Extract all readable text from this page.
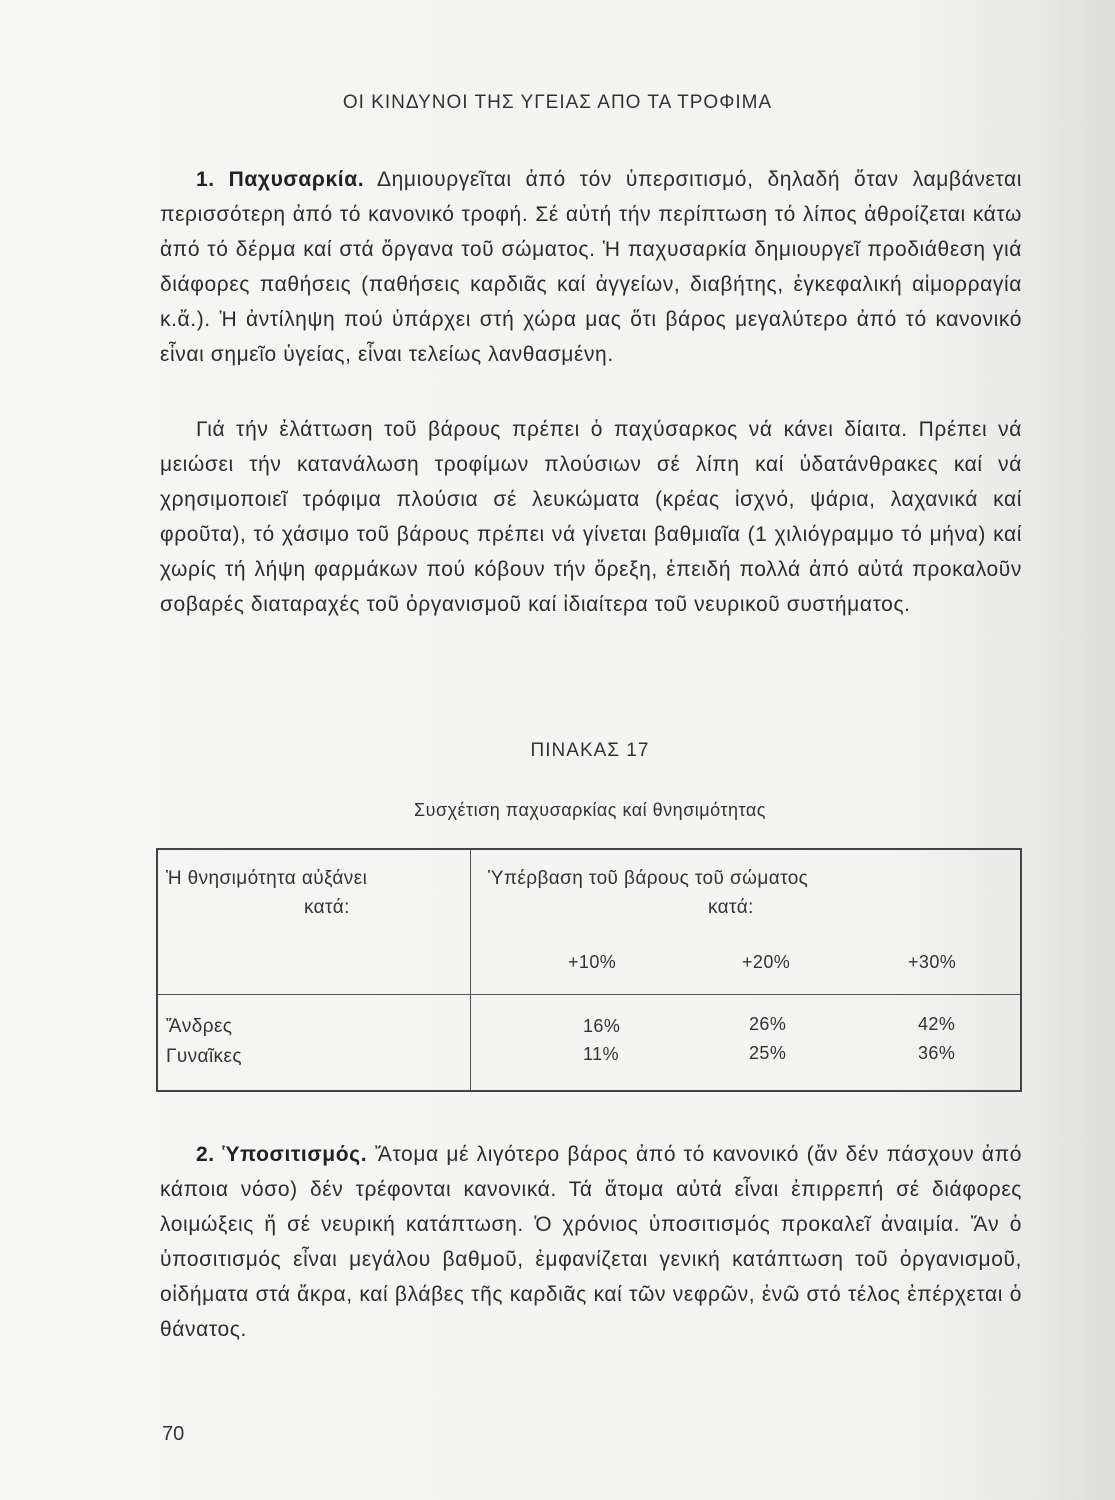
ΟΙ ΚΙΝΔΥΝΟΙ ΤΗΣ ΥΓΕΙΑΣ ΑΠΟ ΤΑ ΤΡΟΦΙΜΑ
1. Παχυσαρκία. Δημιουργεῖται ἀπό τόν ὑπερσιτισμό, δηλαδή ὅταν λαμβάνεται περισσότερη ἀπό τό κανονικό τροφή. Σέ αὐτή τήν περίπτωση τό λίπος ἀθροίζεται κάτω ἀπό τό δέρμα καί στά ὄργανα τοῦ σώματος. Ἡ παχυσαρκία δημιουργεῖ προδιάθεση γιά διάφορες παθήσεις (παθήσεις καρδιᾶς καί ἀγγείων, διαβήτης, ἐγκεφαλική αἱμορραγία κ.ἄ.). Ἡ ἀντίληψη πού ὑπάρχει στή χώρα μας ὅτι βάρος μεγαλύτερο ἀπό τό κανονικό εἶναι σημεῖο ὑγείας, εἶναι τελείως λανθασμένη.
Γιά τήν ἐλάττωση τοῦ βάρους πρέπει ὁ παχύσαρκος νά κάνει δίαιτα. Πρέπει νά μειώσει τήν κατανάλωση τροφίμων πλούσιων σέ λίπη καί ὑδατάνθρακες καί νά χρησιμοποιεῖ τρόφιμα πλούσια σέ λευκώματα (κρέας ἰσχνό, ψάρια, λαχανικά καί φροῦτα), τό χάσιμο τοῦ βάρους πρέπει νά γίνεται βαθμιαῖα (1 χιλιόγραμμο τό μήνα) καί χωρίς τή λήψη φαρμάκων πού κόβουν τήν ὄρεξη, ἐπειδή πολλά ἀπό αὐτά προκαλοῦν σοβαρές διαταραχές τοῦ ὀργανισμοῦ καί ἰδιαίτερα τοῦ νευρικοῦ συστήματος.
ΠΙΝΑΚΑΣ 17
Συσχέτιση παχυσαρκίας καί θνησιμότητας
Ἡ θνησιμότητα αὐξάνει
κατά:
Ὑπέρβαση τοῦ βάρους τοῦ σώματος
κατά:
+10%	+20%	+30%
Ἄνδρες	16%	26%	42%
Γυναῖκες	11%	25%	36%
2. Ὑποσιτισμός. Ἄτομα μέ λιγότερο βάρος ἀπό τό κανονικό (ἄν δέν πάσχουν ἀπό κάποια νόσο) δέν τρέφονται κανονικά. Τά ἄτομα αὐτά εἶναι ἐπιρρεπή σέ διάφορες λοιμώξεις ἤ σέ νευρική κατάπτωση. Ὁ χρόνιος ὑποσιτισμός προκαλεῖ ἀναιμία. Ἄν ὁ ὑποσιτισμός εἶναι μεγάλου βαθμοῦ, ἐμφανίζεται γενική κατάπτωση τοῦ ὀργανισμοῦ, οἰδήματα στά ἄκρα, καί βλάβες τῆς καρδιᾶς καί τῶν νεφρῶν, ἐνῶ στό τέλος ἐπέρχεται ὁ θάνατος.
70
